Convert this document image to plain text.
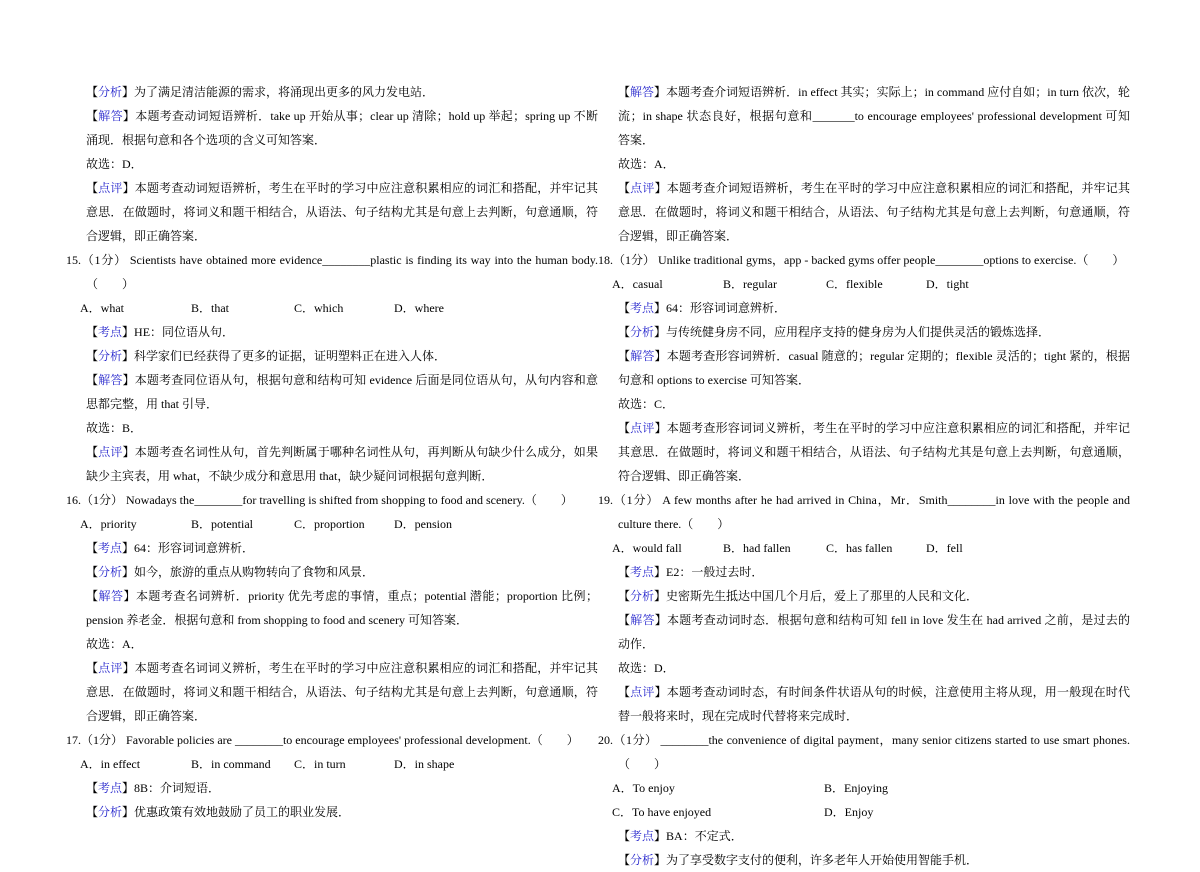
【分析】为了满足清洁能源的需求，将涌现出更多的风力发电站．

【解答】本题考查动词短语辨析．take up 开始从事；clear up 清除；hold up 举起；spring up 不断涌现．根据句意和各个选项的含义可知答案．

故选：D．

【点评】本题考查动词短语辨析，考生在平时的学习中应注意积累相应的词汇和搭配，并牢记其意思．在做题时，将词义和题干相结合，从语法、句子结构尤其是句意上去判断，句意通顺，符合逻辑，即正确答案．

15.（1分） Scientists have obtained more evidence________plastic is finding its way into the human body.（　　）

A．what	B．that	C．which	D．where

【考点】HE：同位语从句．

【分析】科学家们已经获得了更多的证据，证明塑料正在进入人体．

【解答】本题考查同位语从句，根据句意和结构可知 evidence 后面是同位语从句，从句内容和意思都完整，用 that 引导．

故选：B．

【点评】本题考查名词性从句，首先判断属于哪种名词性从句，再判断从句缺少什么成分，如果缺少主宾表，用 what，不缺少成分和意思用 that，缺少疑问词根据句意判断．

16.（1分） Nowadays the________for travelling is shifted from shopping to food and scenery.（　　）

A．priority	B．potential	C．proportion	D．pension

【考点】64：形容词词意辨析．

【分析】如今，旅游的重点从购物转向了食物和风景．

【解答】本题考查名词辨析．priority 优先考虑的事情，重点；potential 潜能；proportion 比例；pension 养老金．根据句意和 from shopping to food and scenery 可知答案．

故选：A．

【点评】本题考查名词词义辨析，考生在平时的学习中应注意积累相应的词汇和搭配，并牢记其意思．在做题时，将词义和题干相结合，从语法、句子结构尤其是句意上去判断，句意通顺，符合逻辑，即正确答案．

17.（1分） Favorable policies are ________to encourage employees' professional development.（　　）

A．in effect	B．in command	C．in turn	D．in shape

【考点】8B：介词短语．

【分析】优惠政策有效地鼓励了员工的职业发展．

【解答】本题考查介词短语辨析．in effect 其实；实际上；in command 应付自如；in turn 依次，轮流；in shape 状态良好，根据句意和_______to encourage employees' professional development 可知答案．

故选：A．

【点评】本题考查介词短语辨析，考生在平时的学习中应注意积累相应的词汇和搭配，并牢记其意思．在做题时，将词义和题干相结合，从语法、句子结构尤其是句意上去判断，句意通顺，符合逻辑，即正确答案．

18.（1分） Unlike traditional gyms，app - backed gyms offer people________options to exercise.（　　）

A．casual	B．regular	C．flexible	D．tight

【考点】64：形容词词意辨析．

【分析】与传统健身房不同，应用程序支持的健身房为人们提供灵活的锻炼选择．

【解答】本题考查形容词辨析．casual 随意的；regular 定期的；flexible 灵活的；tight 紧的，根据句意和 options to exercise 可知答案．

故选：C．

【点评】本题考查形容词词义辨析，考生在平时的学习中应注意积累相应的词汇和搭配，并牢记其意思．在做题时，将词义和题干相结合，从语法、句子结构尤其是句意上去判断，句意通顺，符合逻辑、即正确答案．

19.（1分） A few months after he had arrived in China，Mr．Smith________in love with the people and culture there.（　　）

A．would fall	B．had fallen	C．has fallen	D．fell

【考点】E2：一般过去时．

【分析】史密斯先生抵达中国几个月后，爱上了那里的人民和文化．

【解答】本题考查动词时态．根据句意和结构可知 fell in love 发生在 had arrived 之前，是过去的动作．

故选：D．

【点评】本题考查动词时态，有时间条件状语从句的时候，注意使用主将从现，用一般现在时代替一般将来时，现在完成时代替将来完成时．

20.（1分） ________the convenience of digital payment，many senior citizens started to use smart phones.（　　）

A．To enjoy	B．Enjoying
C．To have enjoyed	D．Enjoy

【考点】BA：不定式．

【分析】为了享受数字支付的便利，许多老年人开始使用智能手机．
